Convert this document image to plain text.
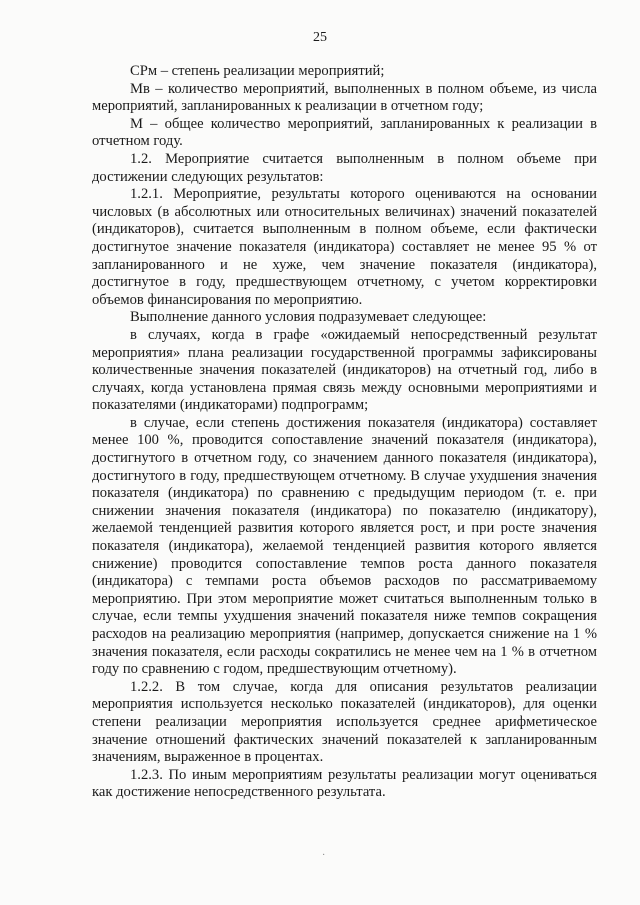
25

СРм – степень реализации мероприятий;

Мв – количество мероприятий, выполненных в полном объеме, из числа мероприятий, запланированных к реализации в отчетном году;

М – общее количество мероприятий, запланированных к реализации в отчетном году.

1.2. Мероприятие считается выполненным в полном объеме при достижении следующих результатов:

1.2.1. Мероприятие, результаты которого оцениваются на основании числовых (в абсолютных или относительных величинах) значений показателей (индикаторов), считается выполненным в полном объеме, если фактически достигнутое значение показателя (индикатора) составляет не менее 95 % от запланированного и не хуже, чем значение показателя (индикатора), достигнутое в году, предшествующем отчетному, с учетом корректировки объемов финансирования по мероприятию.

Выполнение данного условия подразумевает следующее:

в случаях, когда в графе «ожидаемый непосредственный результат мероприятия» плана реализации государственной программы зафиксированы количественные значения показателей (индикаторов) на отчетный год, либо в случаях, когда установлена прямая связь между основными мероприятиями и показателями (индикаторами) подпрограмм;

в случае, если степень достижения показателя (индикатора) составляет менее 100 %, проводится сопоставление значений показателя (индикатора), достигнутого в отчетном году, со значением данного показателя (индикатора), достигнутого в году, предшествующем отчетному. В случае ухудшения значения показателя (индикатора) по сравнению с предыдущим периодом (т. е. при снижении значения показателя (индикатора) по показателю (индикатору), желаемой тенденцией развития которого является рост, и при росте значения показателя (индикатора), желаемой тенденцией развития которого является снижение) проводится сопоставление темпов роста данного показателя (индикатора) с темпами роста объемов расходов по рассматриваемому мероприятию. При этом мероприятие может считаться выполненным только в случае, если темпы ухудшения значений показателя ниже темпов сокращения расходов на реализацию мероприятия (например, допускается снижение на 1 % значения показателя, если расходы сократились не менее чем на 1 % в отчетном году по сравнению с годом, предшествующим отчетному).

1.2.2. В том случае, когда для описания результатов реализации мероприятия используется несколько показателей (индикаторов), для оценки степени реализации мероприятия используется среднее арифметическое значение отношений фактических значений показателей к запланированным значениям, выраженное в процентах.

1.2.3. По иным мероприятиям результаты реализации могут оцениваться как достижение непосредственного результата.

·
